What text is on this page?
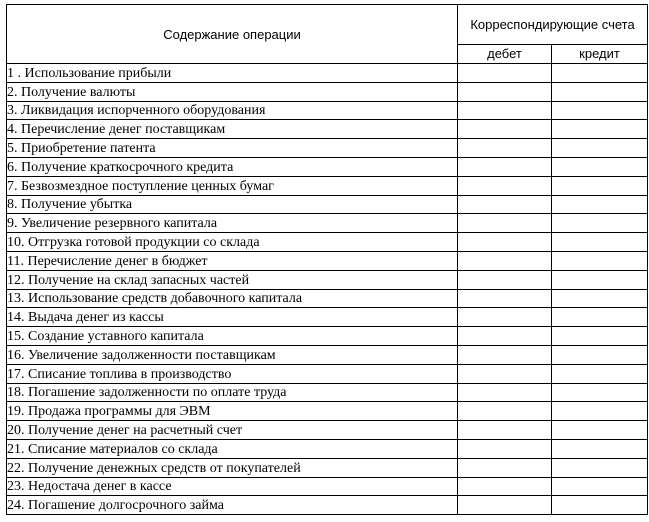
Содержание операции	Корреспондирующие счета	
	дебет	кредит
1 . Использование прибыли		
2. Получение валюты		
3. Ликвидация испорченного оборудования		
4. Перечисление денег поставщикам		
5. Приобретение патента		
6. Получение краткосрочного кредита		
7. Безвозмездное поступление ценных бумаг		
8. Получение убытка		
9. Увеличение резервного капитала		
10. Отгрузка готовой продукции со склада		
11. Перечисление денег в бюджет		
12. Получение на склад запасных частей		
13. Использование средств добавочного капитала		
14. Выдача денег из кассы		
15. Создание уставного капитала		
16. Увеличение задолженности поставщикам		
17. Списание топлива в производство		
18. Погашение задолженности по оплате труда		
19. Продажа программы для ЭВМ		
20. Получение денег на расчетный счет		
21. Списание материалов со склада		
22. Получение денежных средств от покупателей		
23. Недостача денег в кассе		
24. Погашение долгосрочного займа		
